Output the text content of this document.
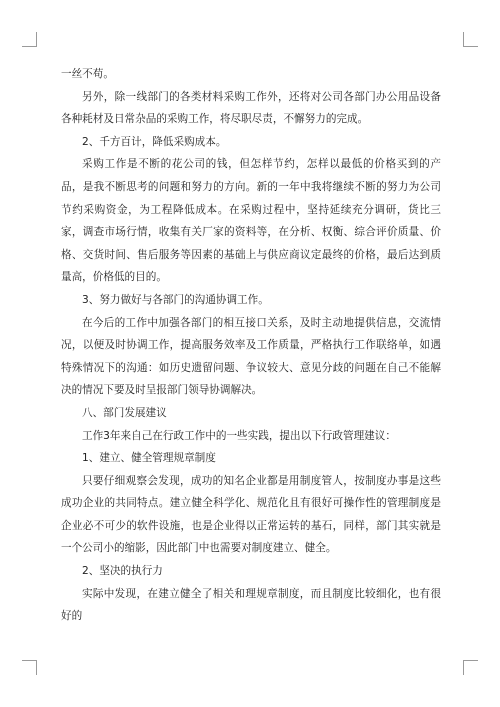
一丝不苟。

另外，除一线部门的各类材料采购工作外，还将对公司各部门办公用品设备各种耗材及日常杂品的采购工作，将尽职尽责，不懈努力的完成。

2、千方百计，降低采购成本。

采购工作是不断的花公司的钱，但怎样节约，怎样以最低的价格买到的产品，是我不断思考的问题和努力的方向。新的一年中我将继续不断的努力为公司节约采购资金，为工程降低成本。在采购过程中，坚持延续充分调研，货比三家，调查市场行情，收集有关厂家的资料等，在分析、权衡、综合评价质量、价格、交货时间、售后服务等因素的基础上与供应商议定最终的价格，最后达到质量高，价格低的目的。

3、努力做好与各部门的沟通协调工作。

在今后的工作中加强各部门的相互接口关系，及时主动地提供信息，交流情况，以便及时协调工作，提高服务效率及工作质量，严格执行工作联络单，如遇特殊情况下的沟通：如历史遗留问题、争议较大、意见分歧的问题在自己不能解决的情况下要及时呈报部门领导协调解决。

八、部门发展建议

工作3年来自己在行政工作中的一些实践，提出以下行政管理建议：

1、建立、健全管理规章制度

只要仔细观察会发现，成功的知名企业都是用制度管人，按制度办事是这些成功企业的共同特点。建立健全科学化、规范化且有很好可操作性的管理制度是企业必不可少的软件设施，也是企业得以正常运转的基石，同样，部门其实就是一个公司小的缩影，因此部门中也需要对制度建立、健全。

2、坚决的执行力

实际中发现，在建立健全了相关和理规章制度，而且制度比较细化，也有很好的
